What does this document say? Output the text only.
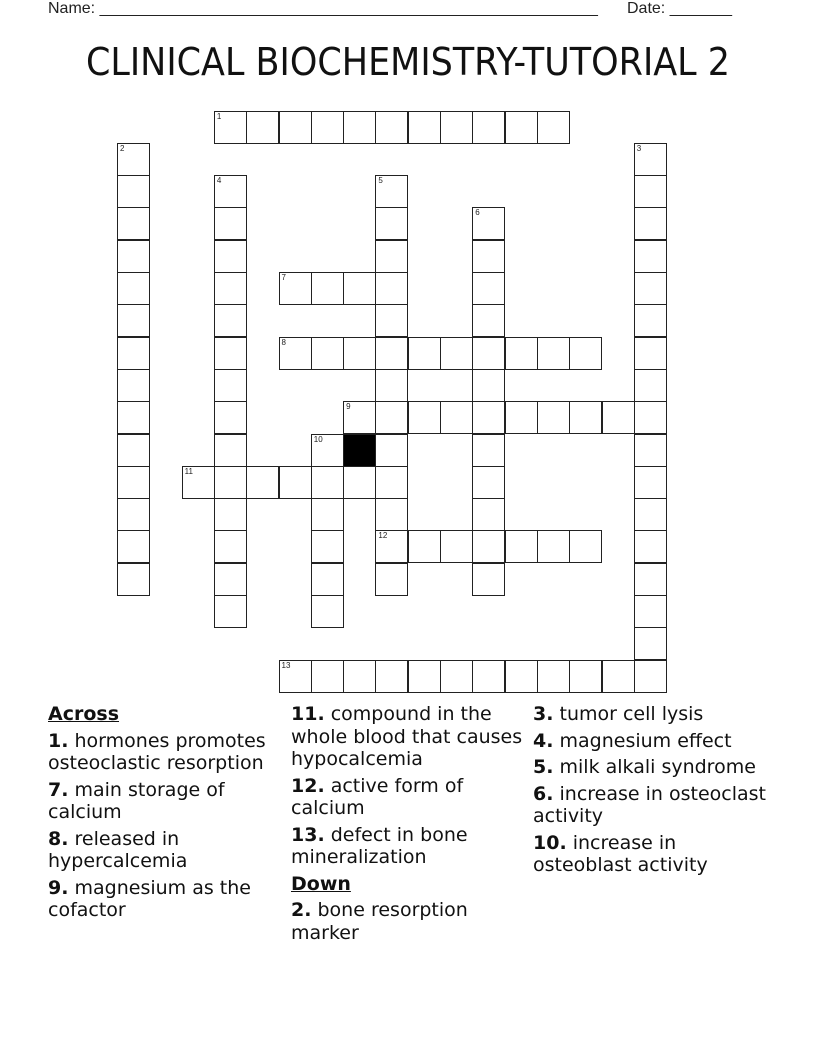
Name: ________________________________________________________ Date: _______
CLINICAL BIOCHEMISTRY-TUTORIAL 2
1
2	3
4	5
12
6
7
8
9
10
11
13
Across
1. hormones promotes osteoclastic resorption
7. main storage of calcium
8. released in hypercalcemia
9. magnesium as the cofactor
11. compound in the whole blood that causes hypocalcemia
12. active form of calcium
13. defect in bone mineralization
Down
2. bone resorption marker
3. tumor cell lysis
4. magnesium effect
5. milk alkali syndrome
6. increase in osteoclast activity
10. increase in osteoblast activity
